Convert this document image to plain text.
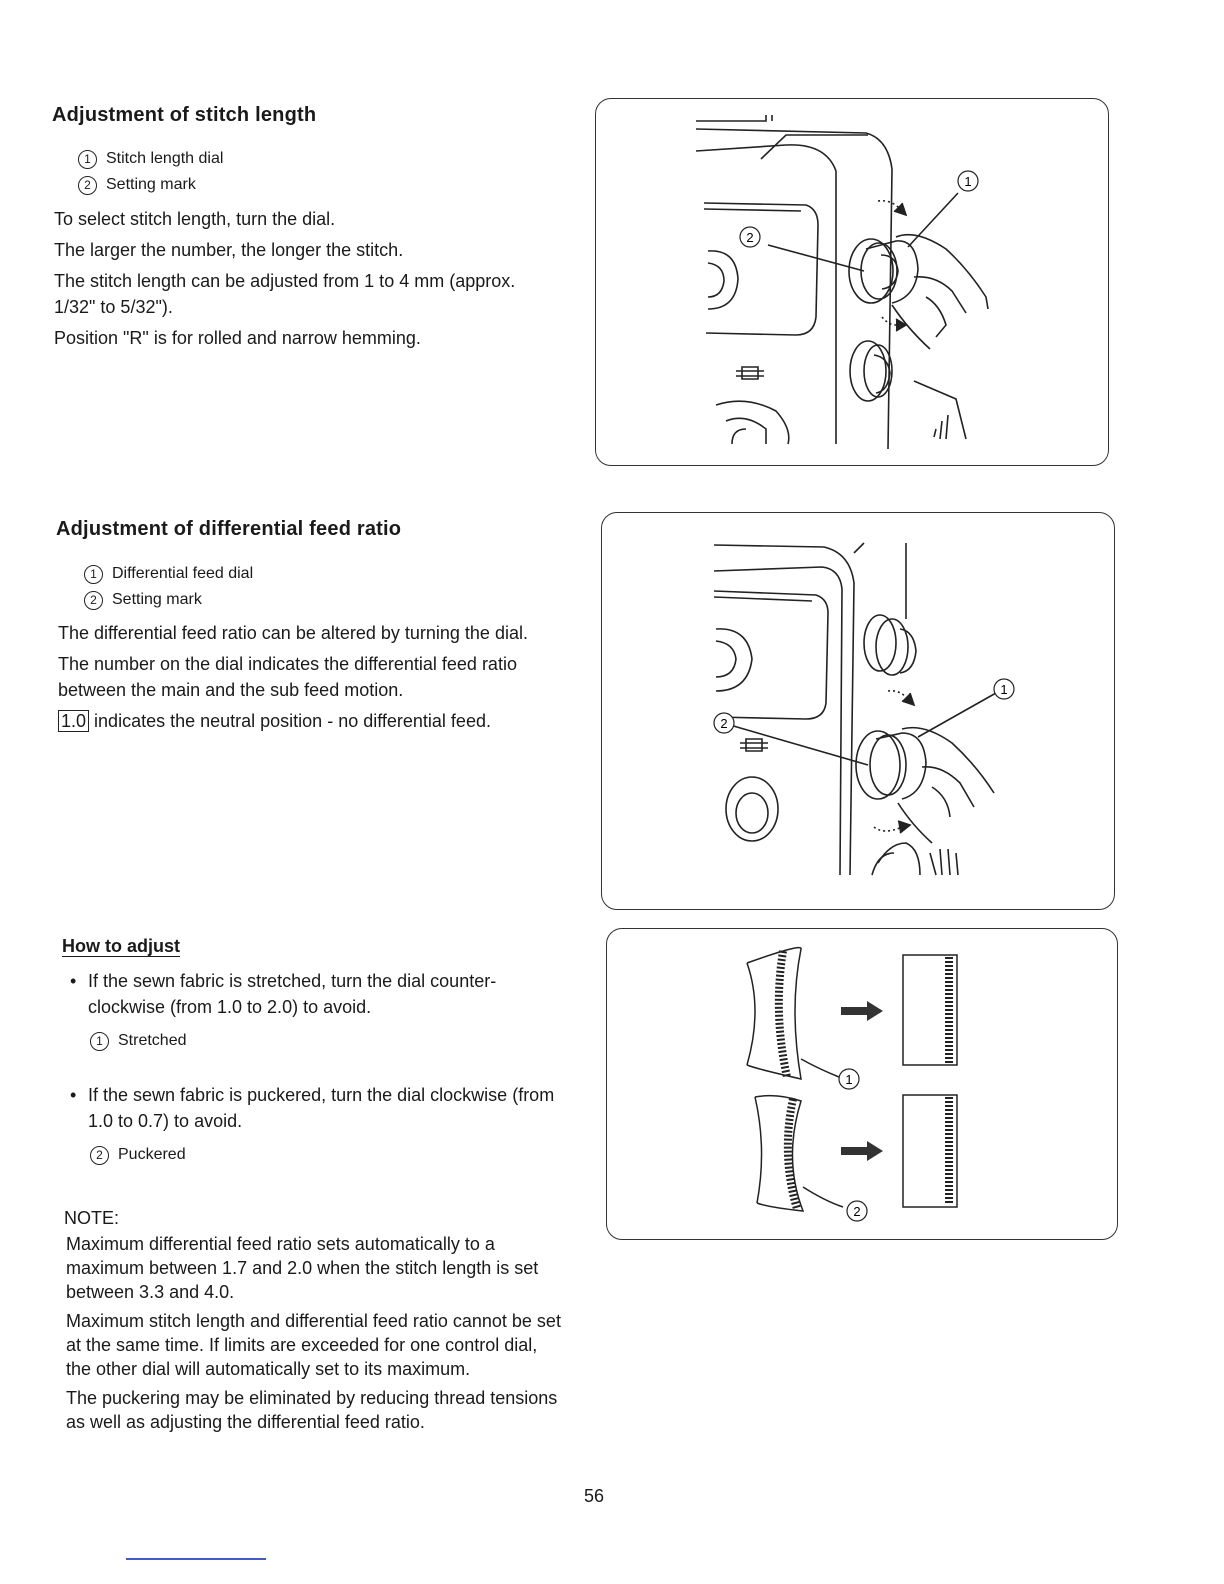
Adjustment of stitch length
1 Stitch length dial
2 Setting mark

To select stitch length, turn the dial.

The larger the number, the longer the stitch.

The stitch length can be adjusted from 1 to 4 mm (approx. 1/32" to 5/32").

Position "R" is for rolled and narrow hemming.

1
2
Adjustment of differential feed ratio
1 Differential feed dial
2 Setting mark

The differential feed ratio can be altered by turning the dial.

The number on the dial indicates the differential feed ratio between the main and the sub feed motion.

1.0 indicates the neutral position - no differential feed.

1
2
How to adjust
• If the sewn fabric is stretched, turn the dial counter-clockwise (from 1.0 to 2.0) to avoid.
1 Stretched
• If the sewn fabric is puckered, turn the dial clockwise (from 1.0 to 0.7) to avoid.
2 Puckered
1
2
NOTE:

Maximum differential feed ratio sets automatically to a maximum between 1.7 and 2.0 when the stitch length is set between 3.3 and 4.0.

Maximum stitch length and differential feed ratio cannot be set at the same time. If limits are exceeded for one control dial, the other dial will automatically set to its maximum.

The puckering may be eliminated by reducing thread tensions as well as adjusting the differential feed ratio.

56
